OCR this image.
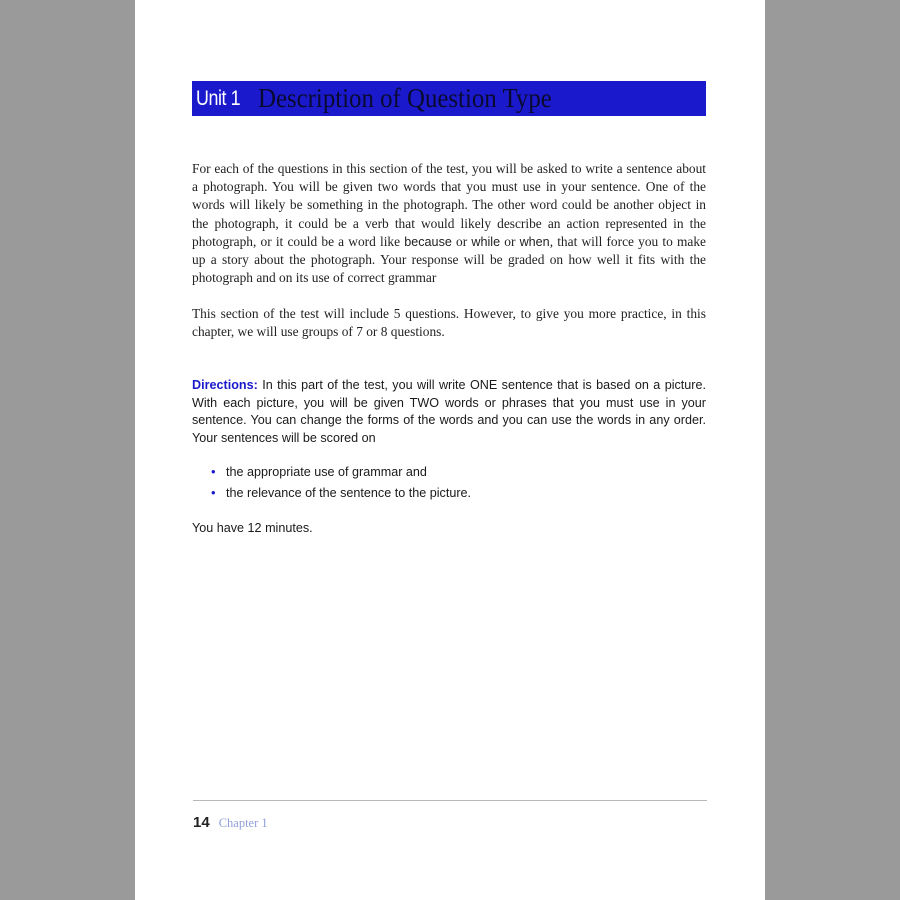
Unit 1 Description of Question Type

For each of the questions in this section of the test, you will be asked to write a sentence about a photograph. You will be given two words that you must use in your sentence. One of the words will likely be something in the photograph. The other word could be another object in the photograph, it could be a verb that would likely describe an action represented in the photograph, or it could be a word like because or while or when, that will force you to make up a story about the photograph. Your response will be graded on how well it fits with the photograph and on its use of correct grammar

This section of the test will include 5 questions. However, to give you more practice, in this chapter, we will use groups of 7 or 8 questions.

Directions: In this part of the test, you will write ONE sentence that is based on a picture. With each picture, you will be given TWO words or phrases that you must use in your sentence. You can change the forms of the words and you can use the words in any order. Your sentences will be scored on

• the appropriate use of grammar and
• the relevance of the sentence to the picture.

You have 12 minutes.

14 Chapter 1
